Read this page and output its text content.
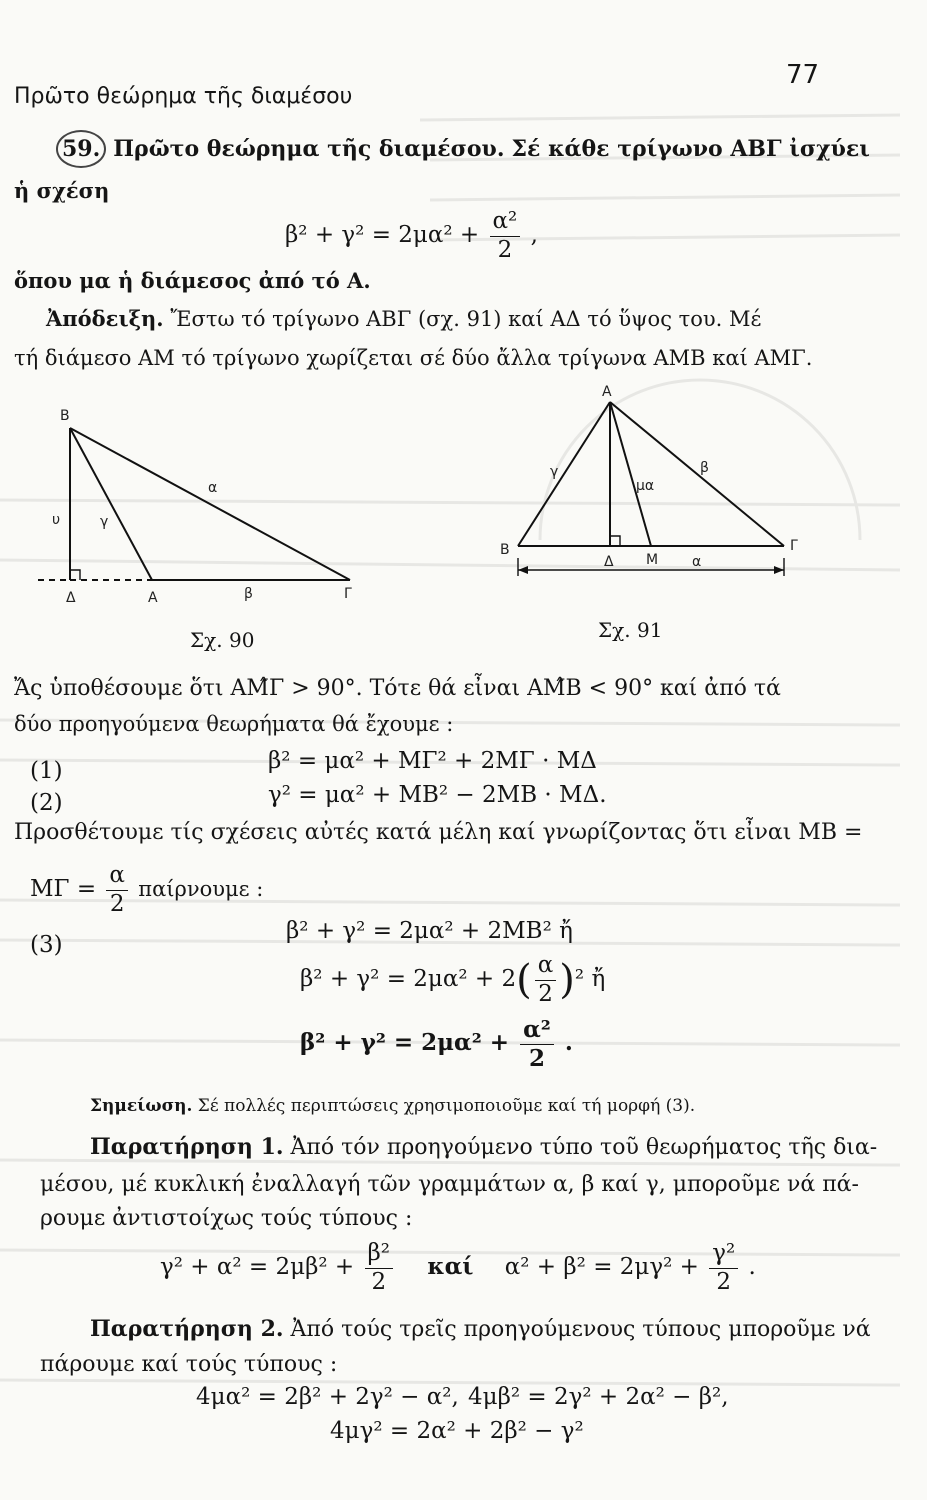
Πρῶτο θεώρημα τῆς διαμέσου
77
59. Πρῶτο θεώρημα τῆς διαμέσου. Σέ κάθε τρίγωνο ΑΒΓ ἰσχύει
ἡ σχέση
$\beta^2 + \gamma^2 = 2\mu\alpha^2 + \frac{\text{α²}}{2}$ ,
ὅπου μα ἡ διάμεσος ἀπό τό Α.
Ἀπόδειξη. Ἔστω τό τρίγωνο ΑΒΓ (σχ. 91) καί ΑΔ τό ὕψος του. Μέ
τή διάμεσο ΑΜ τό τρίγωνο χωρίζεται σέ δύο ἄλλα τρίγωνα ΑΜΒ καί ΑΜΓ.
Β
α
υ	γ
Δ	Α	β	Γ
Σχ. 90
Α
γ	β
μα
Β
Δ Μ
Γ
α
Σχ. 91
Ἄς ὑποθέσουμε ὅτι ΑΜ̂Γ > 90°. Τότε θά εἶναι ΑΜ̂Β < 90° καί ἀπό τά
δύο προηγούμενα θεωρήματα θά ἔχουμε :
(1)	β² = μα² + ΜΓ² + 2ΜΓ · ΜΔ
(2)	γ² = μα² + ΜΒ² − 2ΜΒ · ΜΔ.
Προσθέτουμε τίς σχέσεις αὐτές κατά μέλη καί γνωρίζοντας ὅτι εἶναι ΜΒ =
$M\Gamma = \frac{\alpha}{2}$ παίρνουμε :
(3)
β² + γ² = 2μα² + 2ΜΒ² ἤ
$\beta^2 + \gamma^2 = 2\mu\alpha^2 + 2( \frac{\alpha}{2} )^2$ ἤ
$\beta^2 + \gamma^2 = 2\mu\alpha^2 + \frac{\text{α²}}{2}$ .
Σημείωση. Σέ πολλές περιπτώσεις χρησιμοποιοῦμε καί τή μορφή (3).
Παρατήρηση 1. Ἀπό τόν προηγούμενο τύπο τοῦ θεωρήματος τῆς δια-
μέσου, μέ κυκλική ἐναλλαγή τῶν γραμμάτων α, β καί γ, μποροῦμε νά πά-
ρουμε ἀντιστοίχως τούς τύπους :
$\gamma^2 + \alpha^2 = 2\mu\beta^2 + \frac{\text{β²}}{2}$ καί $\alpha^2 + \beta^2 = 2\mu\gamma^2 + \frac{\text{γ²}}{2}$ .
Παρατήρηση 2. Ἀπό τούς τρεῖς προηγούμενους τύπους μποροῦμε νά
πάρουμε καί τούς τύπους :
4μα² = 2β² + 2γ² − α², 4μβ² = 2γ² + 2α² − β²,
4μγ² = 2α² + 2β² − γ²
